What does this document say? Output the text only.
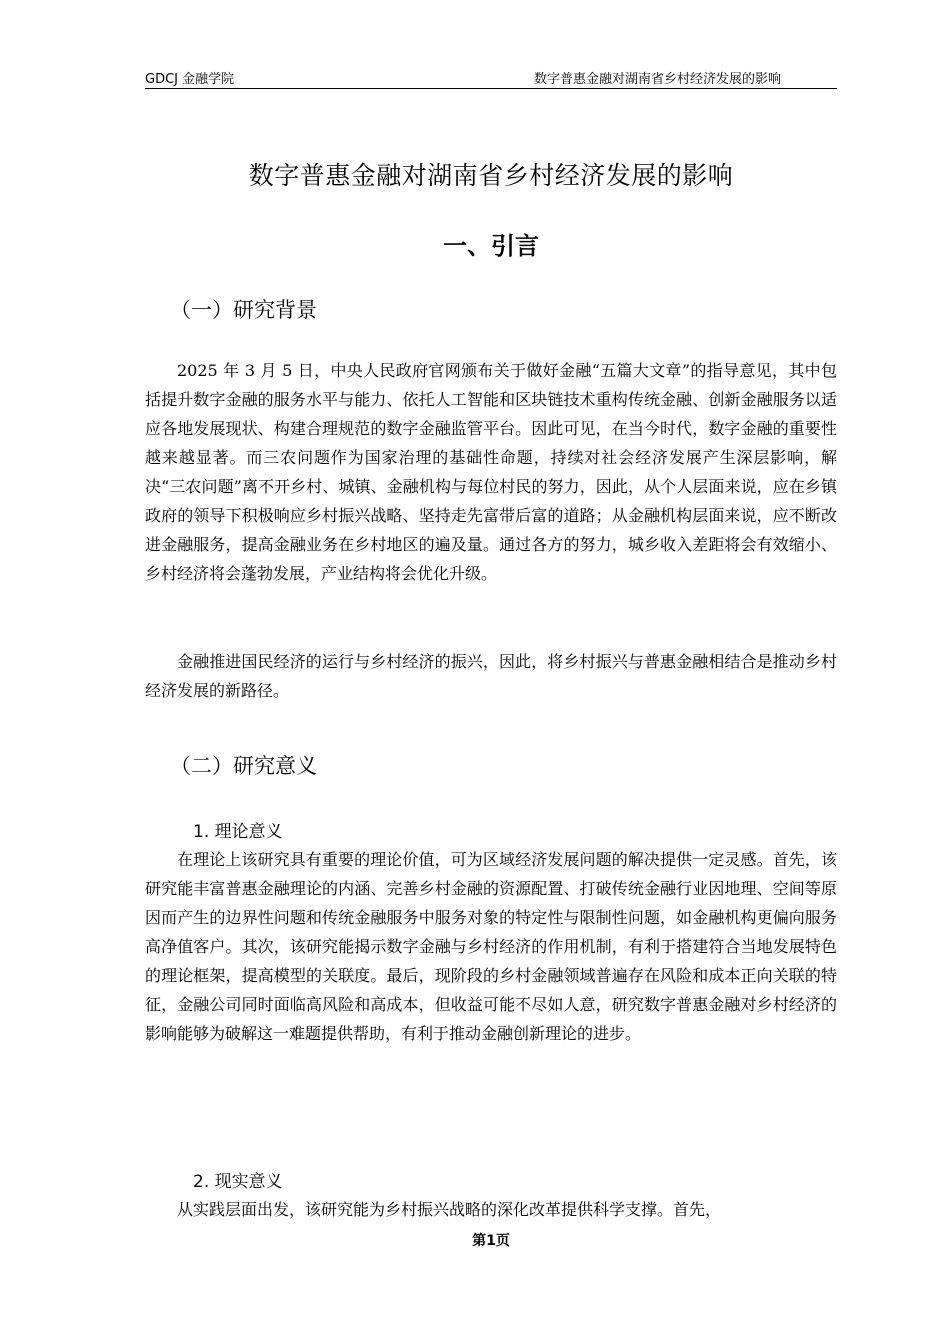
GDCJ 金融学院	数字普惠金融对湖南省乡村经济发展的影响
数字普惠金融对湖南省乡村经济发展的影响
一、引言
（一）研究背景

2025 年 3 月 5 日，中央人民政府官网颁布关于做好金融“五篇大文章”的指导意见，其中包括提升数字金融的服务水平与能力、依托人工智能和区块链技术重构传统金融、创新金融服务以适应各地发展现状、构建合理规范的数字金融监管平台。因此可见，在当今时代，数字金融的重要性越来越显著。而三农问题作为国家治理的基础性命题，持续对社会经济发展产生深层影响，解决“三农问题”离不开乡村、城镇、金融机构与每位村民的努力，因此，从个人层面来说，应在乡镇政府的领导下积极响应乡村振兴战略、坚持走先富带后富的道路；从金融机构层面来说，应不断改进金融服务，提高金融业务在乡村地区的遍及量。通过各方的努力，城乡收入差距将会有效缩小、乡村经济将会蓬勃发展，产业结构将会优化升级。

金融推进国民经济的运行与乡村经济的振兴，因此，将乡村振兴与普惠金融相结合是推动乡村经济发展的新路径。

（二）研究意义
1. 理论意义

在理论上该研究具有重要的理论价值，可为区域经济发展问题的解决提供一定灵感。首先，该研究能丰富普惠金融理论的内涵、完善乡村金融的资源配置、打破传统金融行业因地理、空间等原因而产生的边界性问题和传统金融服务中服务对象的特定性与限制性问题，如金融机构更偏向服务高净值客户。其次，该研究能揭示数字金融与乡村经济的作用机制，有利于搭建符合当地发展特色的理论框架，提高模型的关联度。最后，现阶段的乡村金融领域普遍存在风险和成本正向关联的特征，金融公司同时面临高风险和高成本，但收益可能不尽如人意，研究数字普惠金融对乡村经济的影响能够为破解这一难题提供帮助，有利于推动金融创新理论的进步。

2. 现实意义

从实践层面出发，该研究能为乡村振兴战略的深化改革提供科学支撑。首先，

第1页
